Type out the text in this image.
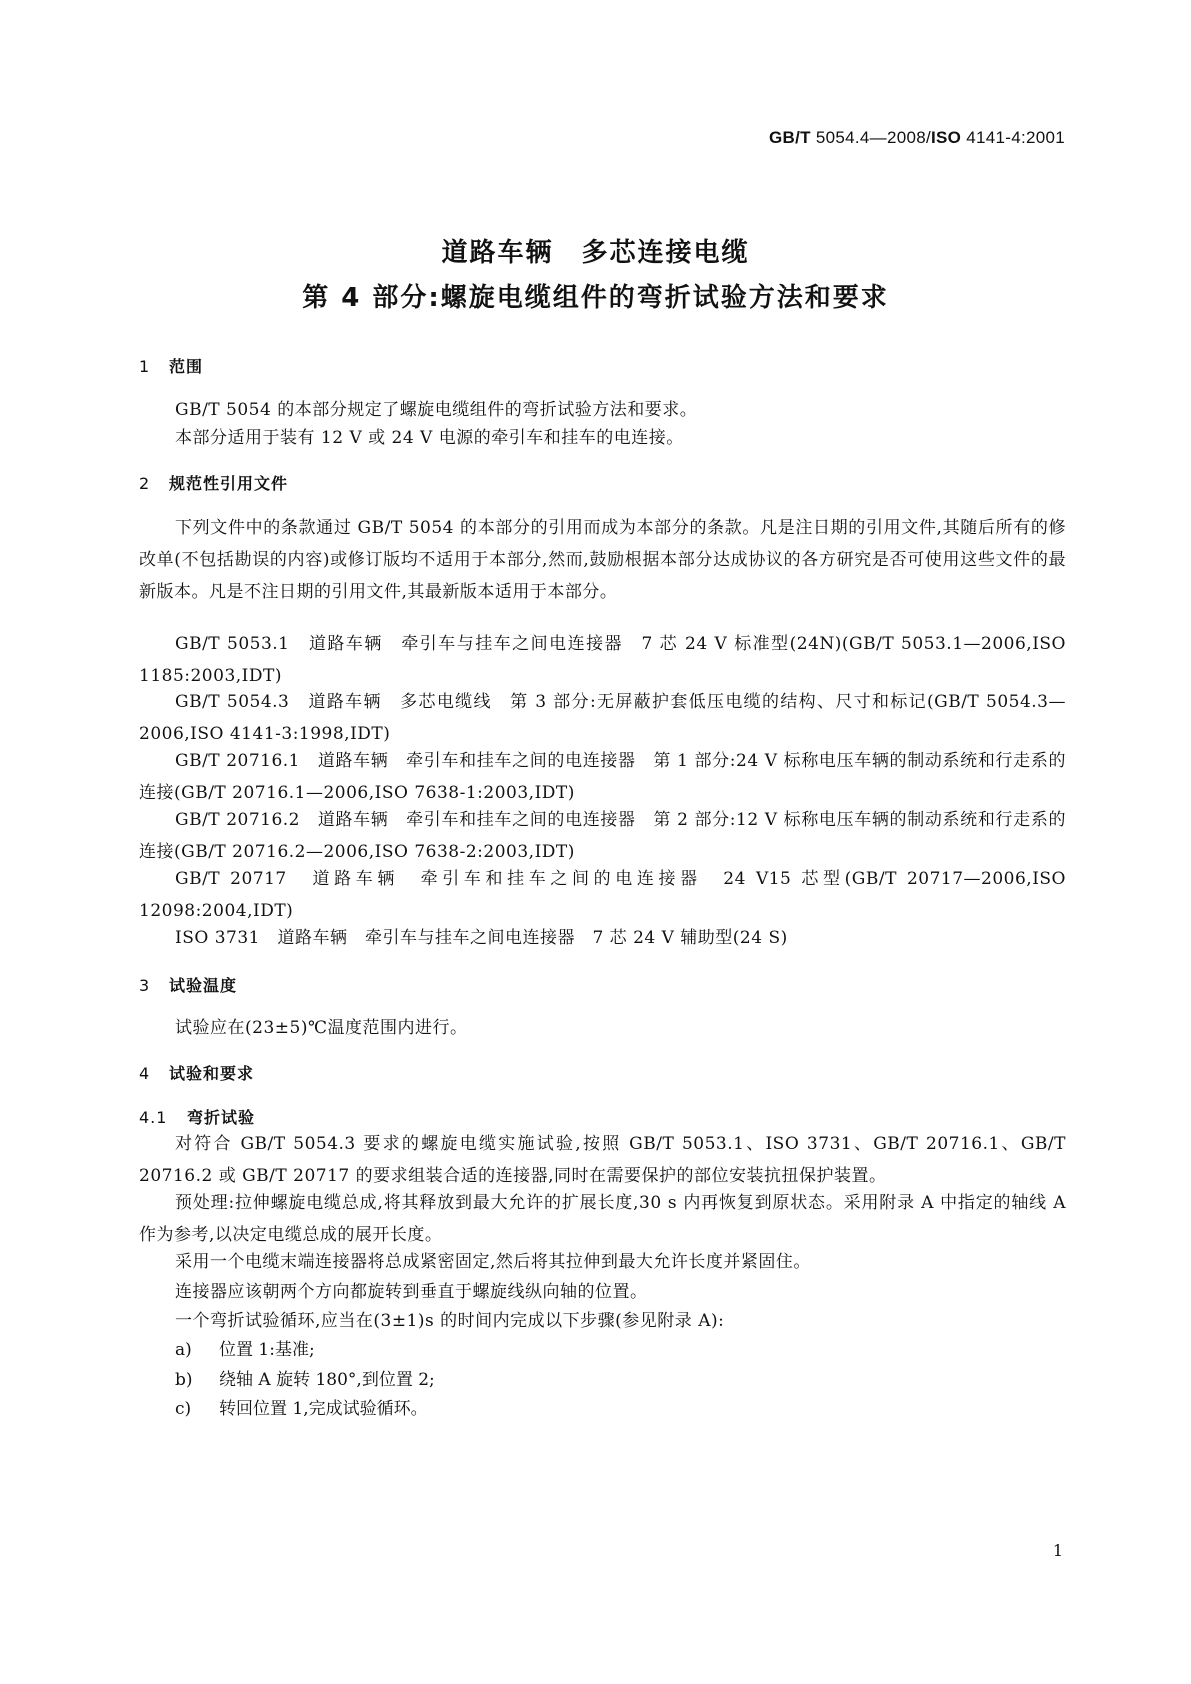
GB/T 5054.4—2008/ISO 4141-4:2001
道路车辆　多芯连接电缆
第 4 部分:螺旋电缆组件的弯折试验方法和要求
1 范围
GB/T 5054 的本部分规定了螺旋电缆组件的弯折试验方法和要求。
本部分适用于装有 12 V 或 24 V 电源的牵引车和挂车的电连接。
2 规范性引用文件
下列文件中的条款通过 GB/T 5054 的本部分的引用而成为本部分的条款。凡是注日期的引用文件,其随后所有的修改单(不包括勘误的内容)或修订版均不适用于本部分,然而,鼓励根据本部分达成协议的各方研究是否可使用这些文件的最新版本。凡是不注日期的引用文件,其最新版本适用于本部分。
GB/T 5053.1　道路车辆　牵引车与挂车之间电连接器　7 芯 24 V 标准型(24N)(GB/T 5053.1—2006,ISO 1185:2003,IDT)
GB/T 5054.3　道路车辆　多芯电缆线　第 3 部分:无屏蔽护套低压电缆的结构、尺寸和标记(GB/T 5054.3—2006,ISO 4141-3:1998,IDT)
GB/T 20716.1　道路车辆　牵引车和挂车之间的电连接器　第 1 部分:24 V 标称电压车辆的制动系统和行走系的连接(GB/T 20716.1—2006,ISO 7638-1:2003,IDT)
GB/T 20716.2　道路车辆　牵引车和挂车之间的电连接器　第 2 部分:12 V 标称电压车辆的制动系统和行走系的连接(GB/T 20716.2—2006,ISO 7638-2:2003,IDT)
GB/T 20717　道路车辆　牵引车和挂车之间的电连接器　24 V15 芯型(GB/T 20717—2006,ISO 12098:2004,IDT)
ISO 3731　道路车辆　牵引车与挂车之间电连接器　7 芯 24 V 辅助型(24 S)
3 试验温度
试验应在(23±5)℃温度范围内进行。
4 试验和要求
4.1 弯折试验
对符合 GB/T 5054.3 要求的螺旋电缆实施试验,按照 GB/T 5053.1、ISO 3731、GB/T 20716.1、GB/T 20716.2 或 GB/T 20717 的要求组装合适的连接器,同时在需要保护的部位安装抗扭保护装置。
预处理:拉伸螺旋电缆总成,将其释放到最大允许的扩展长度,30 s 内再恢复到原状态。采用附录 A 中指定的轴线 A 作为参考,以决定电缆总成的展开长度。
采用一个电缆末端连接器将总成紧密固定,然后将其拉伸到最大允许长度并紧固住。
连接器应该朝两个方向都旋转到垂直于螺旋线纵向轴的位置。
一个弯折试验循环,应当在(3±1)s 的时间内完成以下步骤(参见附录 A):
a) 位置 1:基准;
b) 绕轴 A 旋转 180°,到位置 2;
c) 转回位置 1,完成试验循环。
1
